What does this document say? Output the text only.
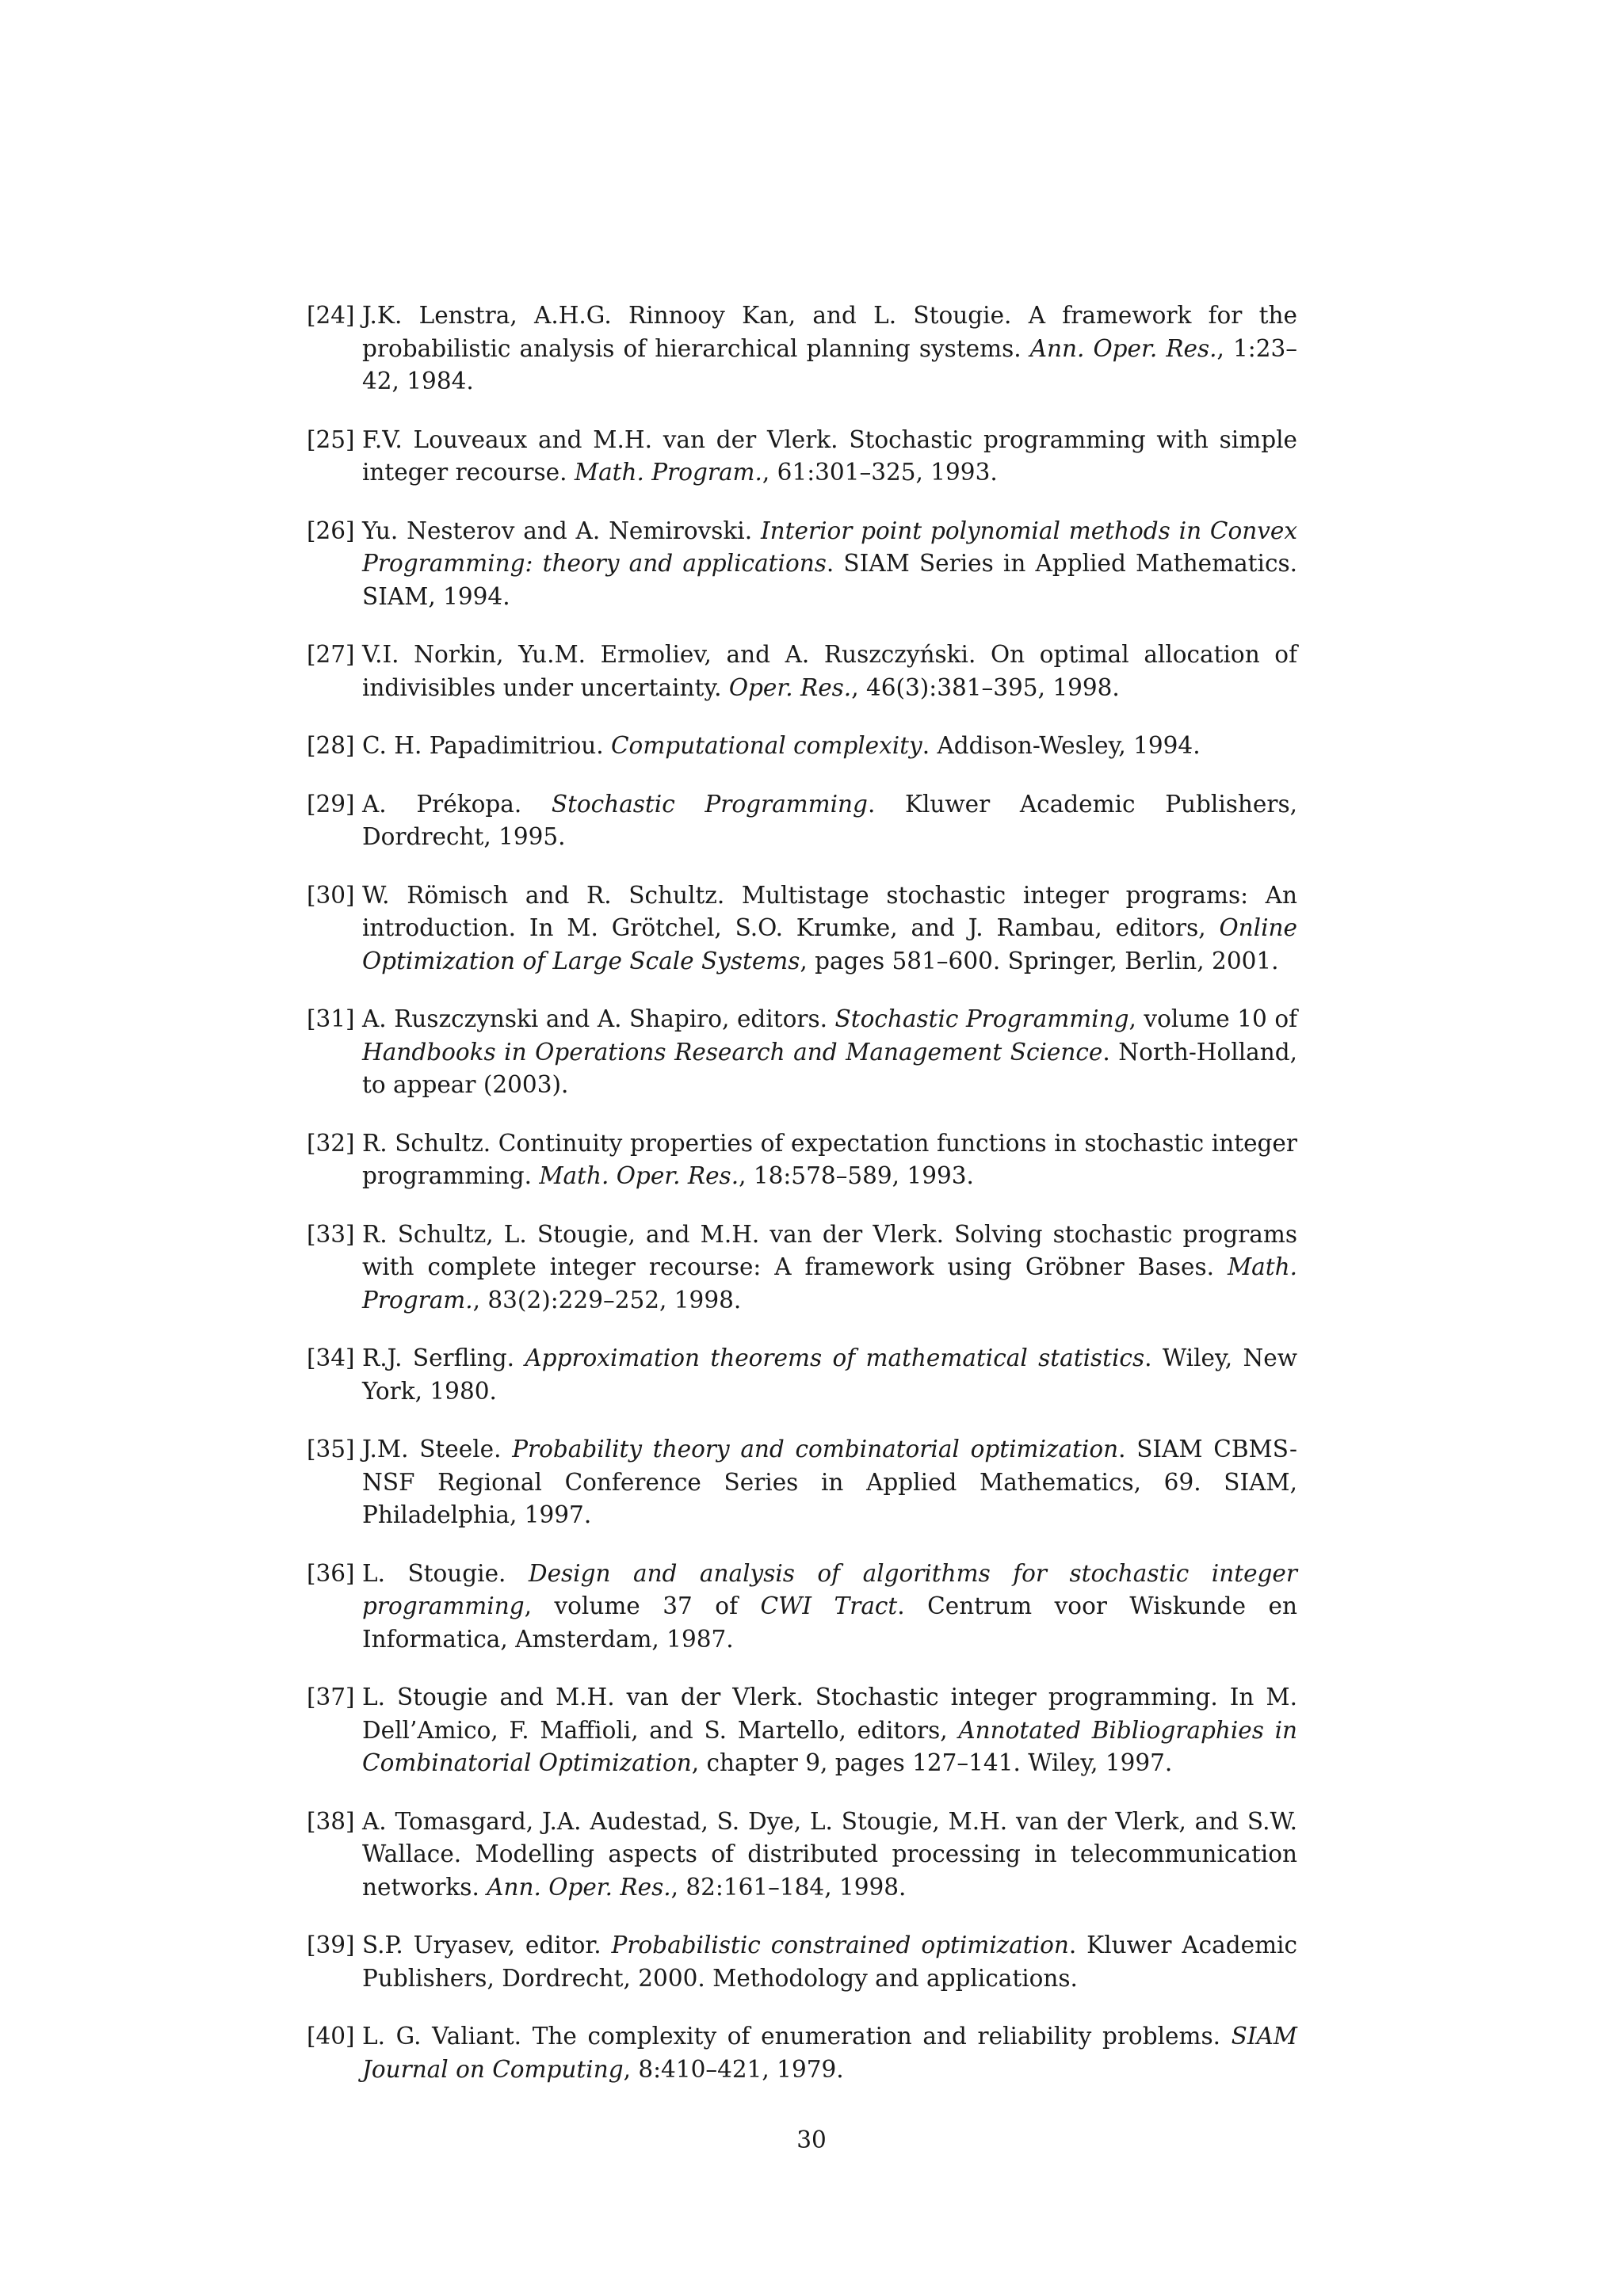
[24] J.K. Lenstra, A.H.G. Rinnooy Kan, and L. Stougie. A framework for the probabilistic analysis of hierarchical planning systems. Ann. Oper. Res., 1:23–42, 1984.
[25] F.V. Louveaux and M.H. van der Vlerk. Stochastic programming with simple integer recourse. Math. Program., 61:301–325, 1993.
[26] Yu. Nesterov and A. Nemirovski. Interior point polynomial methods in Convex Programming: theory and applications. SIAM Series in Applied Mathematics. SIAM, 1994.
[27] V.I. Norkin, Yu.M. Ermoliev, and A. Ruszczyński. On optimal allocation of indivisibles under uncertainty. Oper. Res., 46(3):381–395, 1998.
[28] C. H. Papadimitriou. Computational complexity. Addison-Wesley, 1994.
[29] A. Prékopa. Stochastic Programming. Kluwer Academic Publishers, Dordrecht, 1995.
[30] W. Römisch and R. Schultz. Multistage stochastic integer programs: An introduction. In M. Grötchel, S.O. Krumke, and J. Rambau, editors, Online Optimization of Large Scale Systems, pages 581–600. Springer, Berlin, 2001.
[31] A. Ruszczynski and A. Shapiro, editors. Stochastic Programming, volume 10 of Handbooks in Operations Research and Management Science. North-Holland, to appear (2003).
[32] R. Schultz. Continuity properties of expectation functions in stochastic integer programming. Math. Oper. Res., 18:578–589, 1993.
[33] R. Schultz, L. Stougie, and M.H. van der Vlerk. Solving stochastic programs with complete integer recourse: A framework using Gröbner Bases. Math. Program., 83(2):229–252, 1998.
[34] R.J. Serfling. Approximation theorems of mathematical statistics. Wiley, New York, 1980.
[35] J.M. Steele. Probability theory and combinatorial optimization. SIAM CBMS-NSF Regional Conference Series in Applied Mathematics, 69. SIAM, Philadelphia, 1997.
[36] L. Stougie. Design and analysis of algorithms for stochastic integer programming, volume 37 of CWI Tract. Centrum voor Wiskunde en Informatica, Amsterdam, 1987.
[37] L. Stougie and M.H. van der Vlerk. Stochastic integer programming. In M. Dell’Amico, F. Maffioli, and S. Martello, editors, Annotated Bibliographies in Combinatorial Optimization, chapter 9, pages 127–141. Wiley, 1997.
[38] A. Tomasgard, J.A. Audestad, S. Dye, L. Stougie, M.H. van der Vlerk, and S.W. Wallace. Modelling aspects of distributed processing in telecommunication networks. Ann. Oper. Res., 82:161–184, 1998.
[39] S.P. Uryasev, editor. Probabilistic constrained optimization. Kluwer Academic Publishers, Dordrecht, 2000. Methodology and applications.
[40] L. G. Valiant. The complexity of enumeration and reliability problems. SIAM Journal on Computing, 8:410–421, 1979.
30
